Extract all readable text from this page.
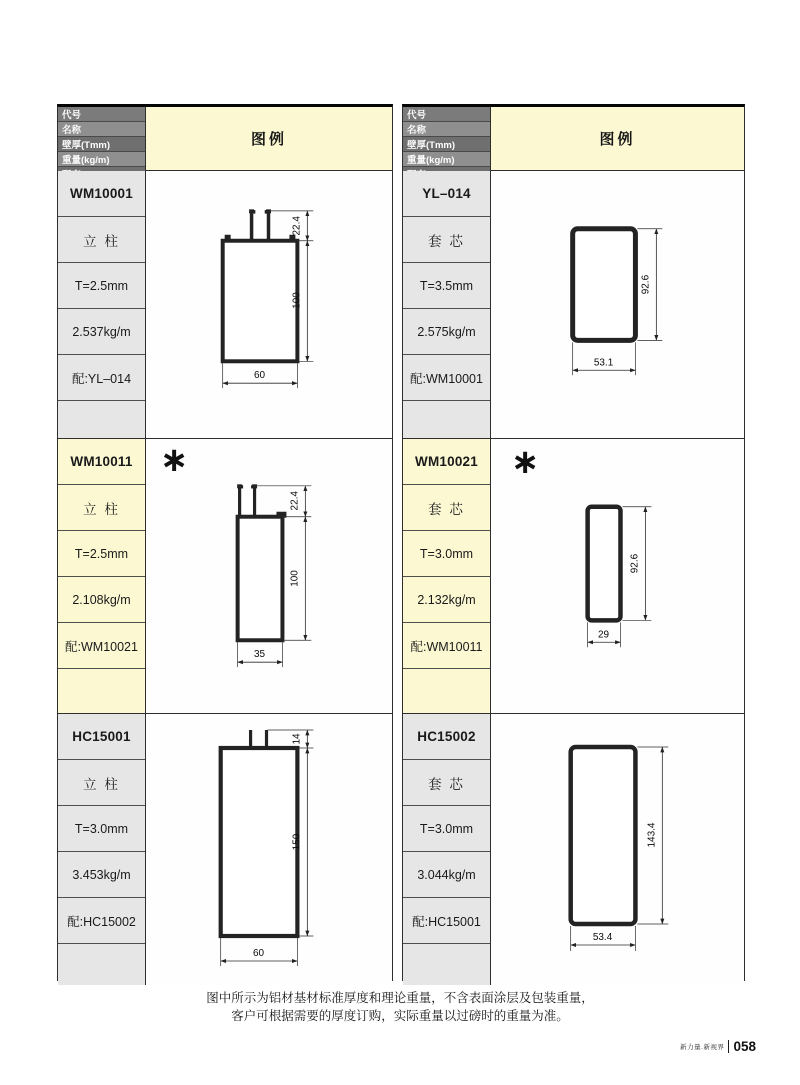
代号
名称
壁厚(Tmm)
重量(kg/m)
图例
WM10001
立 柱
T=2.5mm
2.537kg/m
配:YL–014
22.4
100
60
WM10011
立 柱
T=2.5mm
2.108kg/m
配:WM10021
∗
22.4
100
35
HC15001
立 柱
T=3.0mm
3.453kg/m
配:HC15002
14
150
60
代号
名称
壁厚(Tmm)
重量(kg/m)
图例
YL–014
套 芯
T=3.5mm
2.575kg/m
配:WM10001
92.6
53.1
WM10021
套 芯
T=3.0mm
2.132kg/m
配:WM10011
∗
92.6
29
HC15002
套 芯
T=3.0mm
3.044kg/m
配:HC15001
143.4
53.4
图中所示为铝材基材标准厚度和理论重量，不含表面涂层及包装重量，
客户可根据需要的厚度订购，实际重量以过磅时的重量为准。
新力量.新视界 058
